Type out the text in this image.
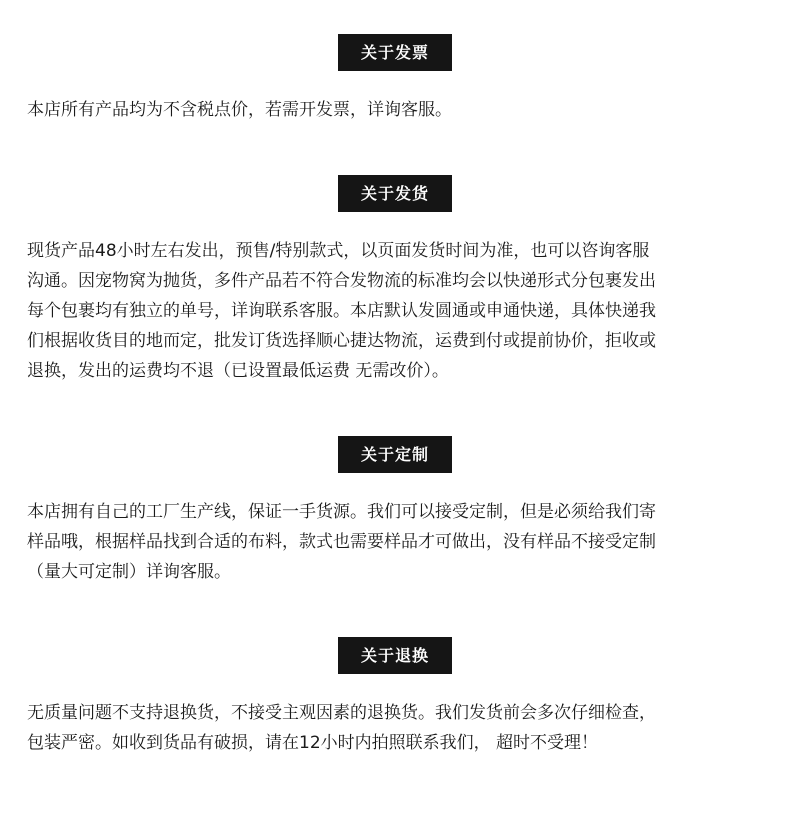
关于发票

本店所有产品均为不含税点价，若需开发票，详询客服。

关于发货

现货产品48小时左右发出，预售/特别款式，以页面发货时间为准，也可以咨询客服
沟通。因宠物窝为抛货，多件产品若不符合发物流的标准均会以快递形式分包裹发出
每个包裹均有独立的单号，详询联系客服。本店默认发圆通或申通快递，具体快递我
们根据收货目的地而定，批发订货选择顺心捷达物流，运费到付或提前协价，拒收或
退换，发出的运费均不退（已设置最低运费 无需改价）。

关于定制

本店拥有自己的工厂生产线，保证一手货源。我们可以接受定制，但是必须给我们寄
样品哦，根据样品找到合适的布料，款式也需要样品才可做出，没有样品不接受定制
（量大可定制）详询客服。

关于退换

无质量问题不支持退换货，不接受主观因素的退换货。我们发货前会多次仔细检查，
包装严密。如收到货品有破损，请在12小时内拍照联系我们， 超时不受理！
